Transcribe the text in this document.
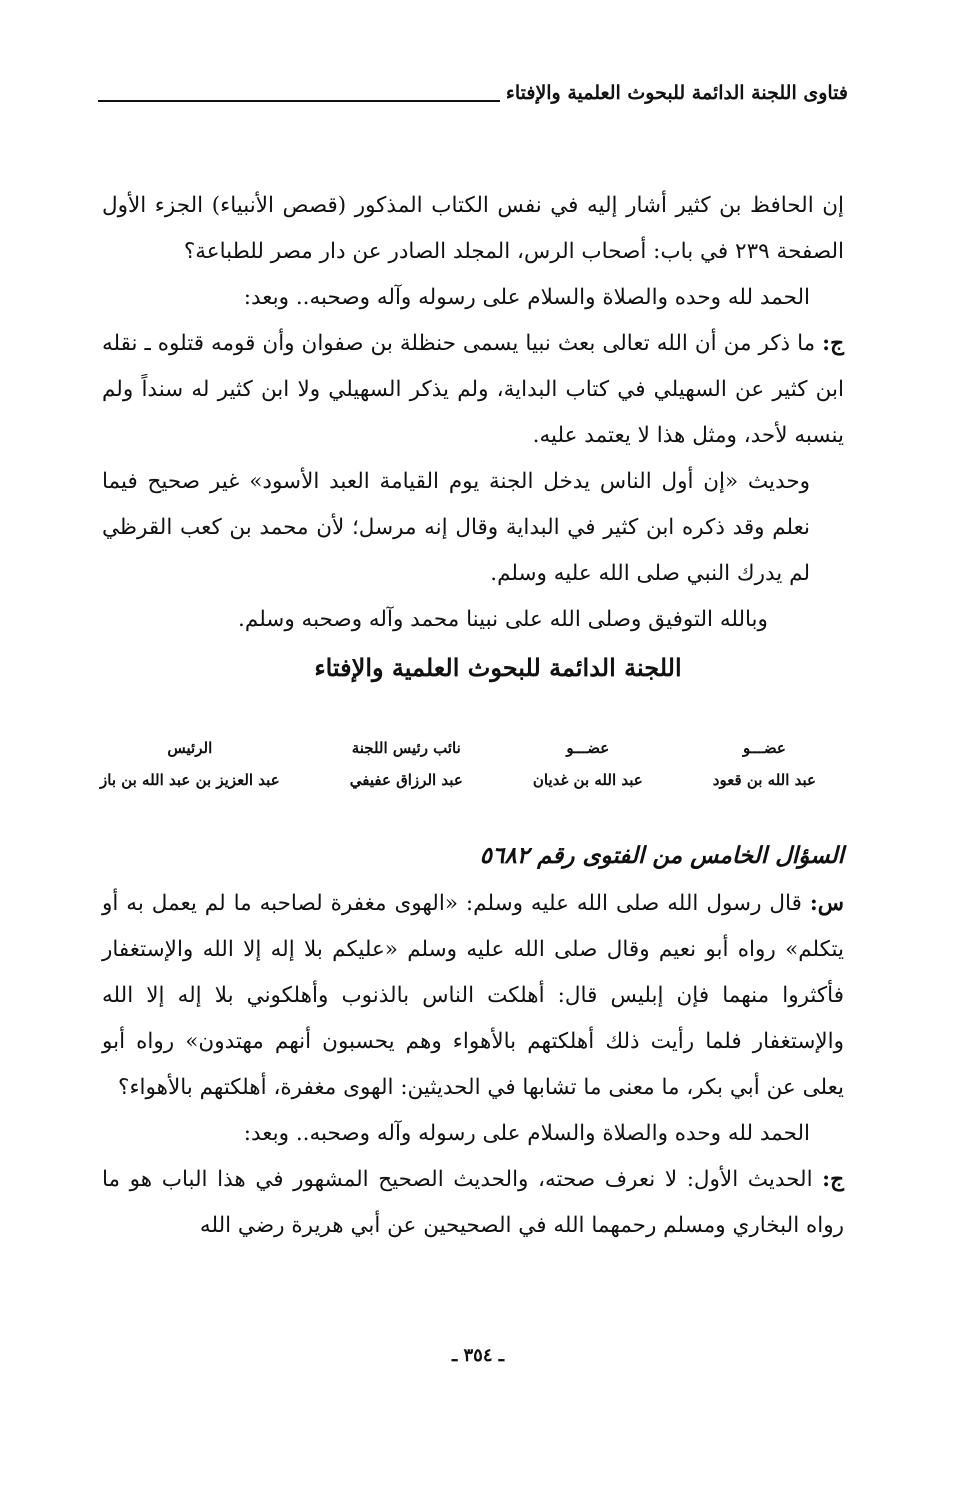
فتاوى اللجنة الدائمة للبحوث العلمية والإفتاء

إن الحافظ بن كثير أشار إليه في نفس الكتاب المذكور (قصص الأنبياء) الجزء الأول الصفحة ٢٣٩ في باب: أصحاب الرس، المجلد الصادر عن دار مصر للطباعة؟

الحمد لله وحده والصلاة والسلام على رسوله وآله وصحبه.. وبعد:

ج: ما ذكر من أن الله تعالى بعث نبيا يسمى حنظلة بن صفوان وأن قومه قتلوه ـ نقله ابن كثير عن السهيلي في كتاب البداية، ولم يذكر السهيلي ولا ابن كثير له سنداً ولم ينسبه لأحد، ومثل هذا لا يعتمد عليه.

وحديث «إن أول الناس يدخل الجنة يوم القيامة العبد الأسود» غير صحيح فيما نعلم وقد ذكره ابن كثير في البداية وقال إنه مرسل؛ لأن محمد بن كعب القرظي لم يدرك النبي صلى الله عليه وسلم.

وبالله التوفيق وصلى الله على نبينا محمد وآله وصحبه وسلم.

اللجنة الدائمة للبحوث العلمية والإفتاء

عضـــو
عبد الله بن قعود
عضـــو
عبد الله بن غديان
نائب رئيس اللجنة
عبد الرزاق عفيفي
الرئيس
عبد العزيز بن عبد الله بن باز

السؤال الخامس من الفتوى رقم ٥٦٨٢

س: قال رسول الله صلى الله عليه وسلم: «الهوى مغفرة لصاحبه ما لم يعمل به أو يتكلم» رواه أبو نعيم وقال صلى الله عليه وسلم «عليكم بلا إله إلا الله والإستغفار فأكثروا منهما فإن إبليس قال: أهلكت الناس بالذنوب وأهلكوني بلا إله إلا الله والإستغفار فلما رأيت ذلك أهلكتهم بالأهواء وهم يحسبون أنهم مهتدون» رواه أبو يعلى عن أبي بكر، ما معنى ما تشابها في الحديثين: الهوى مغفرة، أهلكتهم بالأهواء؟

الحمد لله وحده والصلاة والسلام على رسوله وآله وصحبه.. وبعد:

ج: الحديث الأول: لا نعرف صحته، والحديث الصحيح المشهور في هذا الباب هو ما رواه البخاري ومسلم رحمهما الله في الصحيحين عن أبي هريرة رضي الله

ـ ٣٥٤ ـ
